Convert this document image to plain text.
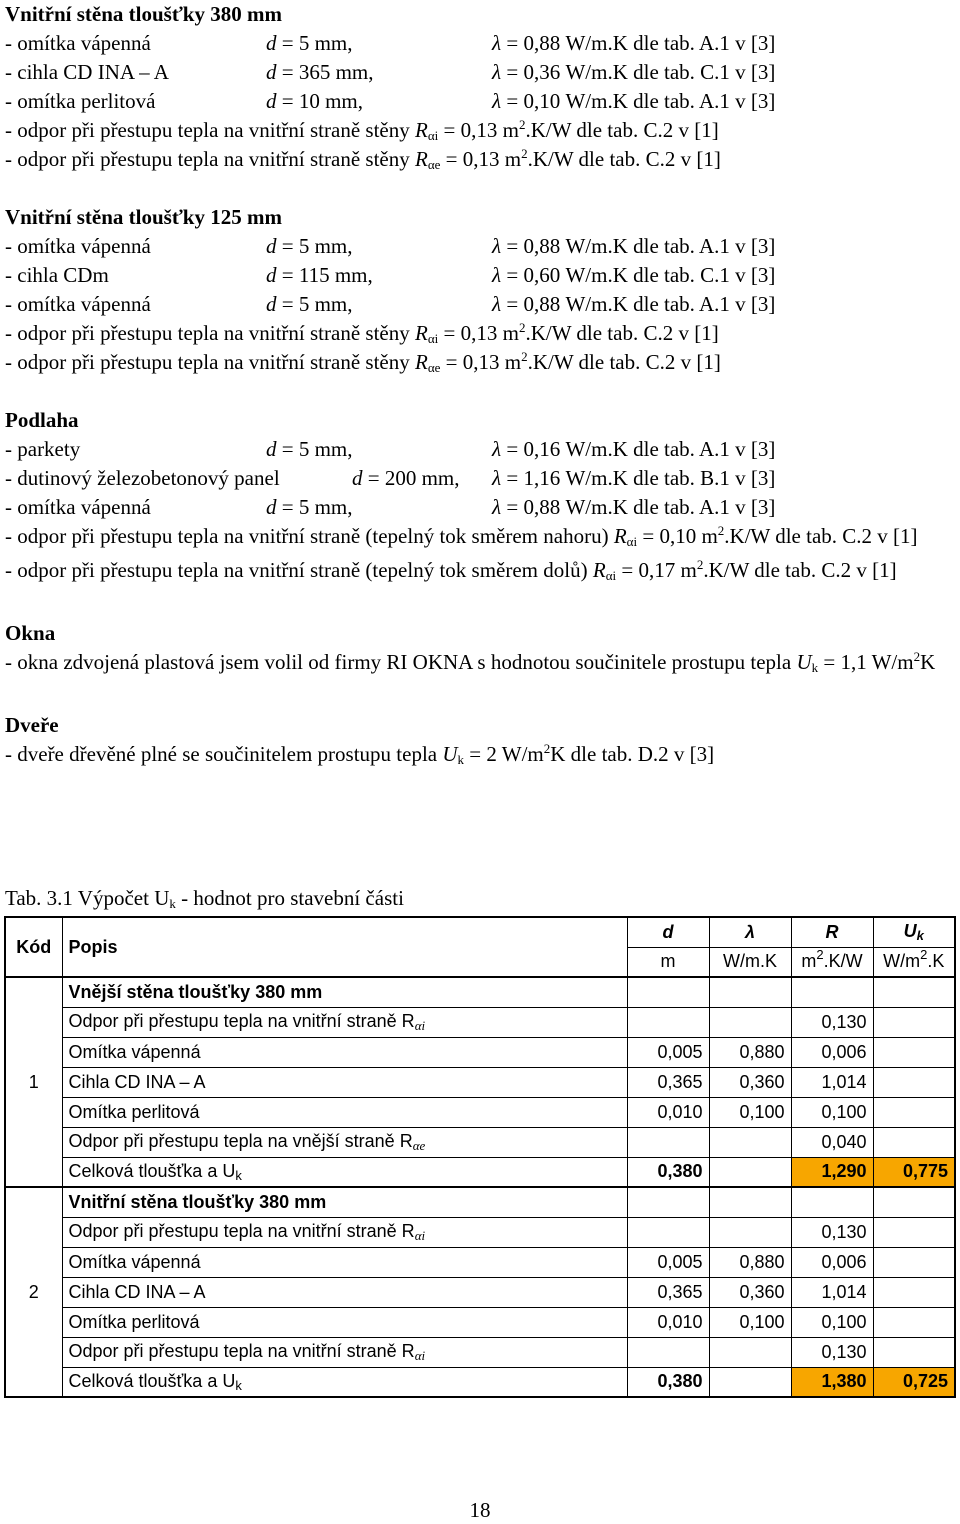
Vnitřní stěna tloušťky 380 mm
- omítka vápenná	d = 5 mm,	λ = 0,88 W/m.K dle tab. A.1 v [3]
- cihla CD INA – A	d = 365 mm,	λ = 0,36 W/m.K dle tab. C.1 v [3]
- omítka perlitová	d = 10 mm,	λ = 0,10 W/m.K dle tab. A.1 v [3]
- odpor při přestupu tepla na vnitřní straně stěny $R_{\alpha i} = 0,13$ $m^2.K/W$ dle tab. C.2 v [1]
- odpor při přestupu tepla na vnitřní straně stěny $R_{\alpha e} = 0,13$ $m^2.K/W$ dle tab. C.2 v [1]
Vnitřní stěna tloušťky 125 mm
- omítka vápenná	d = 5 mm,	λ = 0,88 W/m.K dle tab. A.1 v [3]
- cihla CDm	d = 115 mm,	λ = 0,60 W/m.K dle tab. C.1 v [3]
- omítka vápenná	d = 5 mm,	λ = 0,88 W/m.K dle tab. A.1 v [3]
- odpor při přestupu tepla na vnitřní straně stěny $R_{\alpha i} = 0,13$ $m^2.K/W$ dle tab. C.2 v [1]
- odpor při přestupu tepla na vnitřní straně stěny $R_{\alpha e} = 0,13$ $m^2.K/W$ dle tab. C.2 v [1]
Podlaha
- parkety	d = 5 mm,	λ = 0,16 W/m.K dle tab. A.1 v [3]
- dutinový železobetonový panel	d = 200 mm, λ = 1,16 W/m.K dle tab. B.1 v [3]
- omítka vápenná	d = 5 mm,	λ = 0,88 W/m.K dle tab. A.1 v [3]
- odpor při přestupu tepla na vnitřní straně (tepelný tok směrem nahoru) $R_{\alpha i} = 0,10$ $m^2.K/W$ dle tab. C.2 v [1]
- odpor při přestupu tepla na vnitřní straně (tepelný tok směrem dolů) $R_{\alpha i} = 0,17$ $m^2.K/W$ dle tab. C.2 v [1]
Okna
- okna zdvojená plastová jsem volil od firmy RI OKNA s hodnotou součinitele prostupu tepla $U_k = 1,1$ $W/m^2K$
Dveře
- dveře dřevěné plné se součinitelem prostupu tepla $U_k = 2$ $W/m^2K$ dle tab. D.2 v [3]
Tab. 3.1 Výpočet $U_k$ - hodnot pro stavební části
Kód	Popis	d	λ	R	$U_k$
		m	W/m.K	$m^2.K/W$	$W/m^2.K$
1	Vnější stěna tloušťky 380 mm				
	Odpor při přestupu tepla na vnitřní straně $R_{\alpha i}$			0,130	
	Omítka vápenná	0,005	0,880	0,006	
	Cihla CD INA – A	0,365	0,360	1,014	
	Omítka perlitová	0,010	0,100	0,100	
	Odpor při přestupu tepla na vnější straně $R_{\alpha e}$			0,040	
	Celková tloušťka a $U_k$	0,380		1,290	0,775
2	Vnitřní stěna tloušťky 380 mm				
	Odpor při přestupu tepla na vnitřní straně $R_{\alpha i}$			0,130	
	Omítka vápenná	0,005	0,880	0,006	
	Cihla CD INA – A	0,365	0,360	1,014	
	Omítka perlitová	0,010	0,100	0,100	
	Odpor při přestupu tepla na vnitřní straně $R_{\alpha i}$			0,130	
	Celková tloušťka a $U_k$	0,380		1,380	0,725
18
